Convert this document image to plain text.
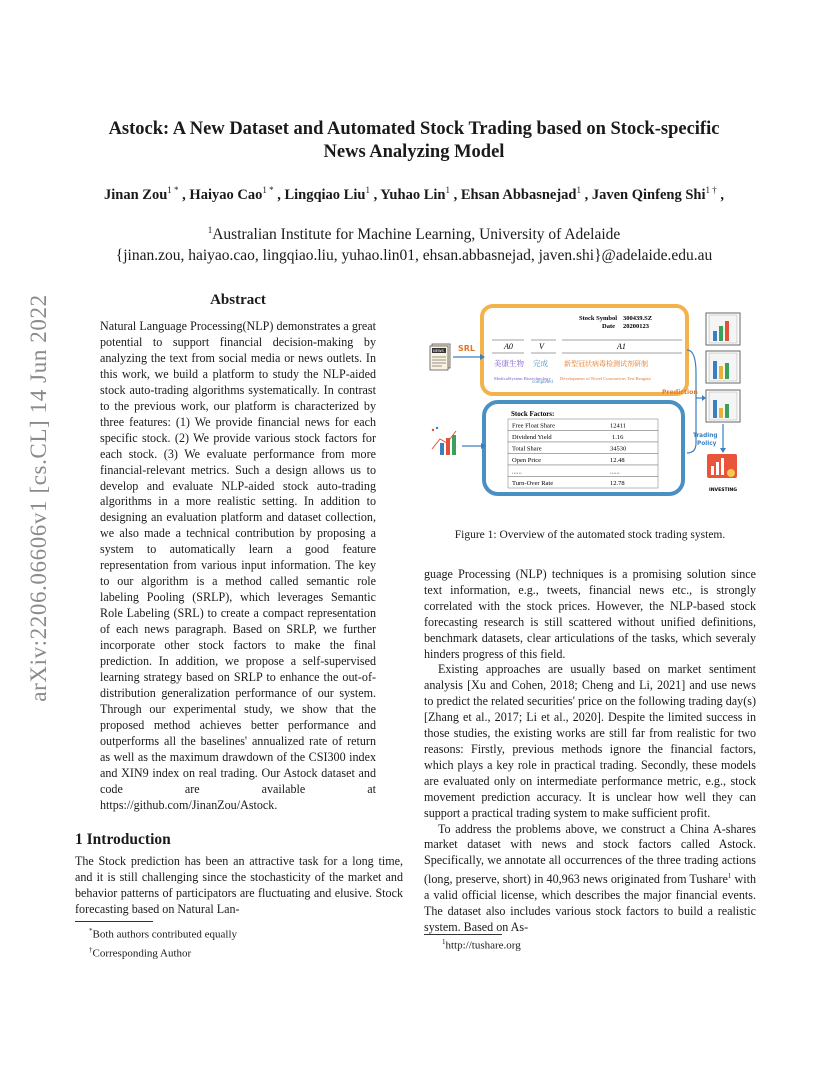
Astock: A New Dataset and Automated Stock Trading based on Stock-specific
News Analyzing Model
Jinan Zou$^{1 *}$ , Haiyao Cao$^{1 *}$ , Lingqiao Liu$^1$ , Yuhao Lin$^1$ , Ehsan Abbasnejad$^1$ , Javen Qinfeng Shi$^{1 \dagger}$ ,
$^1$Australian Institute for Machine Learning, University of Adelaide
{jinan.zou, haiyao.cao, lingqiao.liu, yuhao.lin01, ehsan.abbasnejad, javen.shi}@adelaide.edu.au
arXiv:2206.06606v1 [cs.CL] 14 Jun 2022	Abstract
Natural Language Processing(NLP) demonstrates a great potential to support financial decision-making by analyzing the text from social media or news outlets. In this work, we build a platform to study the NLP-aided stock auto-trading algorithms systematically. In contrast to the previous work, our platform is characterized by three features: (1) We provide financial news for each specific stock. (2) We provide various stock factors for each stock. (3) We evaluate performance from more financial-relevant metrics. Such a design allows us to develop and evaluate NLP-aided stock auto-trading algorithms in a more realistic setting. In addition to designing an evaluation platform and dataset collection, we also made a technical contribution by proposing a system to automatically learn a good feature representation from various input information. The key to our algorithm is a method called semantic role labeling Pooling (SRLP), which leverages Semantic Role Labeling (SRL) to create a compact representation of each news paragraph. Based on SRLP, we further incorporate other stock factors to make the final prediction. In addition, we propose a self-supervised learning strategy based on SRLP to enhance the out-of-distribution generalization performance of our system. Through our experimental study, we show that the proposed method achieves better performance and outperforms all the baselines' annualized rate of return as well as the maximum drawdown of the CSI300 index and XIN9 index on real trading. Our Astock dataset and code are available at https://github.com/JinanZou/Astock.
1 Introduction
The Stock prediction has been an attractive task for a long time, and it is still challenging since the stochasticity of the market and behavior patterns of participators are fluctuating and elusive. Stock forecasting based on Natural Lan-

*Both authors contributed equally

†Corresponding Author

Stock Symbol 300439.SZ
Date 20200123
A0	V	A1
美康生物 完成 新型冠状病毒检测试剂研制
MedicalSystem Biotechnology
completed
Development of Novel Coronavirus Test Reagent
NEWS SRL
Stock Factors:
Free Float Share	12411
Dividend Yield	1.16
Total Share	34530
Open Price	12.48
......	......
Turn-Over Rate	12.78
Prediction
Trading
Policy
INVESTING
Figure 1: Overview of the automated stock trading system.

guage Processing (NLP) techniques is a promising solution since text information, e.g., tweets, financial news etc., is strongly correlated with the stock prices. However, the NLP-based stock forecasting research is still scattered without unified definitions, benchmark datasets, clear articulations of the tasks, which severaly hinders progress of this field.

Existing approaches are usually based on market sentiment analysis [Xu and Cohen, 2018; Cheng and Li, 2021] and use news to predict the related securities' price on the following trading day(s) [Zhang et al., 2017; Li et al., 2020]. Despite the limited success in those studies, the existing works are still far from realistic for two reasons: Firstly, previous methods ignore the financial factors, which plays a key role in practical trading. Secondly, these models are evaluated only on intermediate performance metric, e.g., stock movement prediction accuracy. It is unclear how well they can support a practical trading system to make sufficient profit.

To address the problems above, we construct a China A-shares market dataset with news and stock factors called Astock. Specifically, we annotate all occurrences of the three trading actions (long, preserve, short) in 40,963 news originated from Tushare$^1$ with a valid official license, which describes the major financial events. The dataset also includes various stock factors to build a realistic system. Based on As-

$^1$http://tushare.org
